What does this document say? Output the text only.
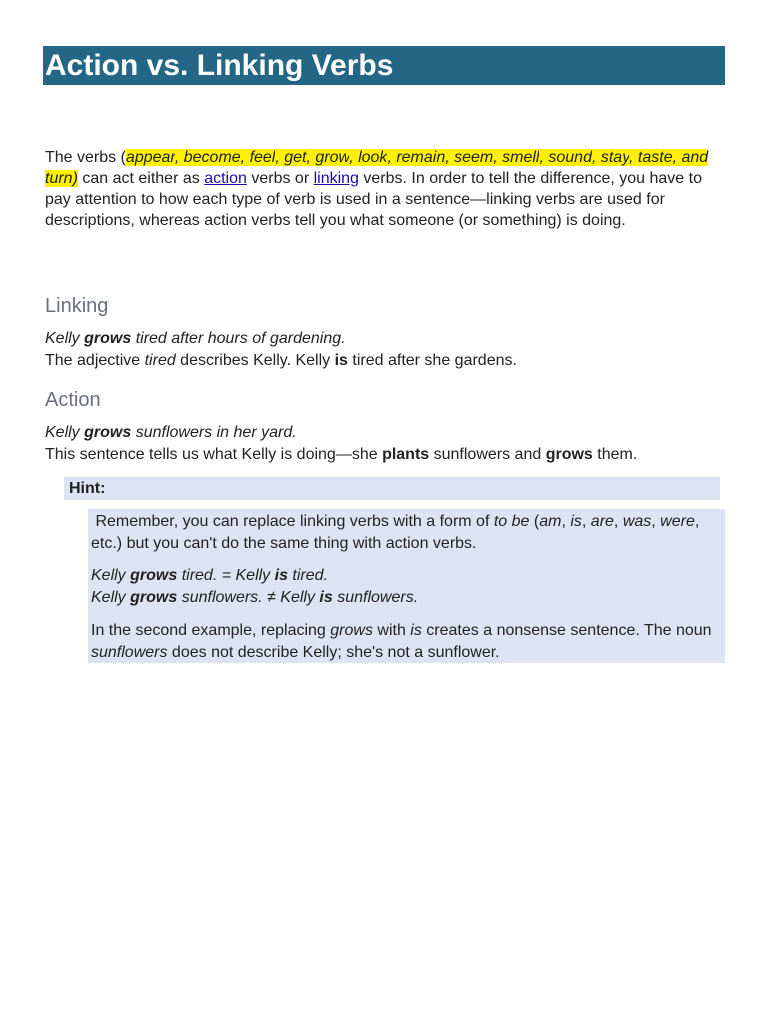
Action vs. Linking Verbs

The verbs (appear, become, feel, get, grow, look, remain, seem, smell, sound, stay, taste, and turn) can act either as action verbs or linking verbs. In order to tell the difference, you have to pay attention to how each type of verb is used in a sentence—linking verbs are used for descriptions, whereas action verbs tell you what someone (or something) is doing.

Linking

Kelly grows tired after hours of gardening.

The adjective tired describes Kelly. Kelly is tired after she gardens.

Action

Kelly grows sunflowers in her yard.

This sentence tells us what Kelly is doing—she plants sunflowers and grows them.

Hint:

Remember, you can replace linking verbs with a form of to be (am, is, are, was, were, etc.) but you can't do the same thing with action verbs.

Kelly grows tired. = Kelly is tired.
Kelly grows sunflowers. ≠ Kelly is sunflowers.

In the second example, replacing grows with is creates a nonsense sentence. The noun sunflowers does not describe Kelly; she's not a sunflower.
